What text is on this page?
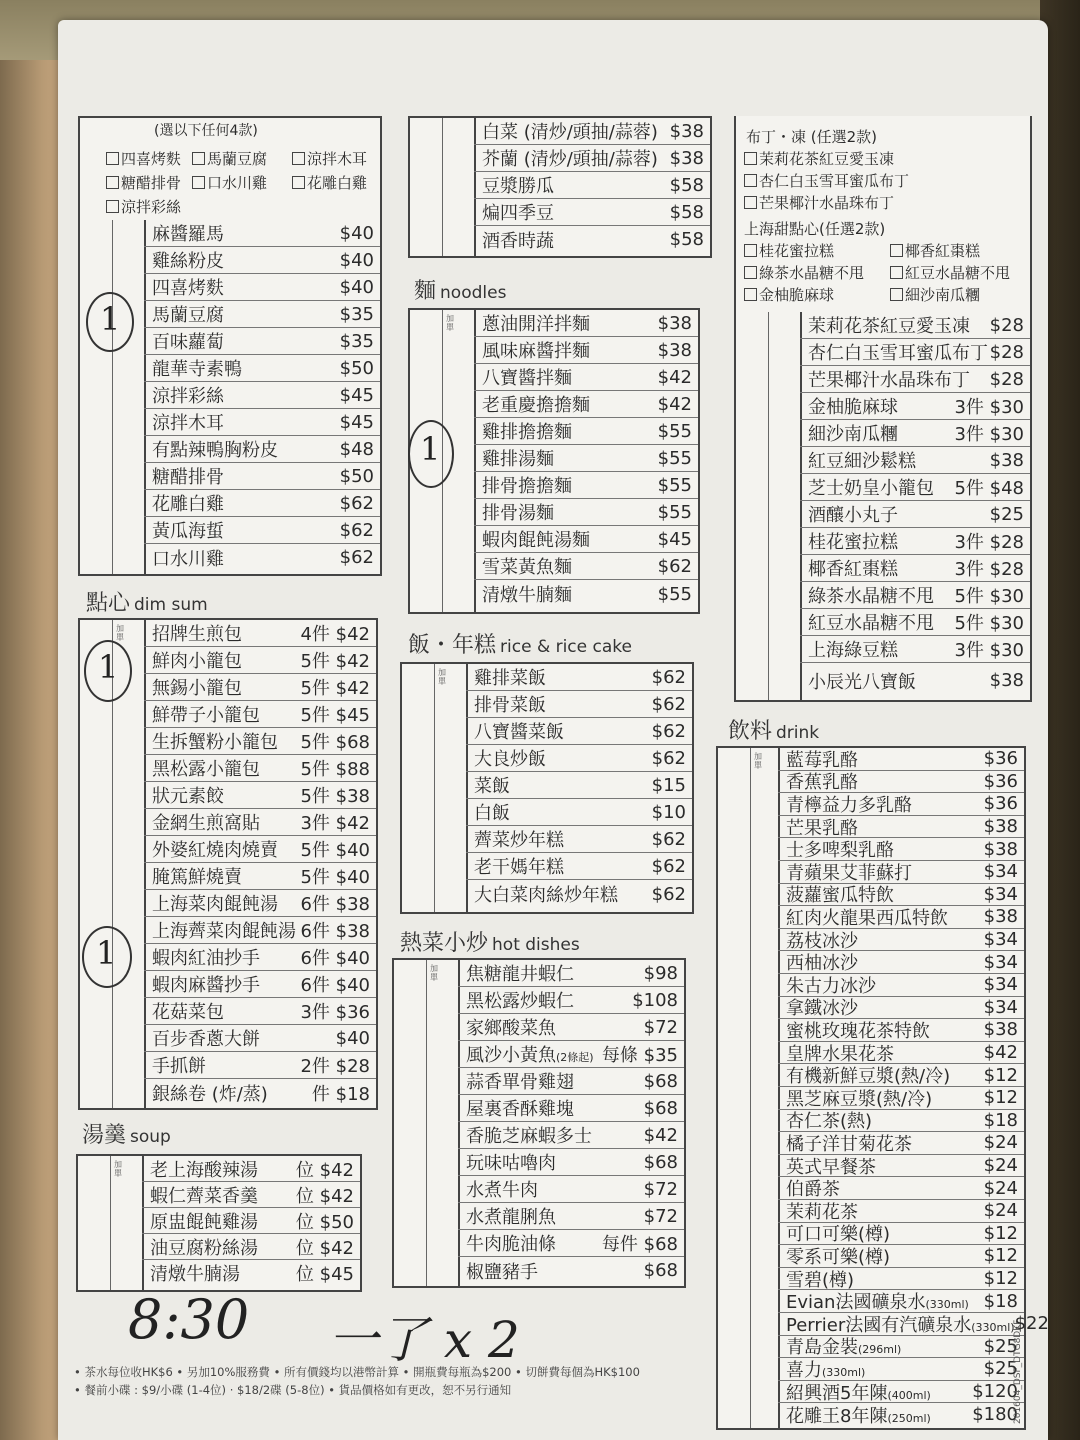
(選以下任何4款)
四喜烤麩	馬蘭豆腐	涼拌木耳
糖醋排骨	口水川雞	花雕白雞
涼拌彩絲
麻醬羅馬	$40
雞絲粉皮	$40
四喜烤麩	$40
馬蘭豆腐	$35
百味蘿蔔	$35
龍華寺素鴨	$50
涼拌彩絲	$45
涼拌木耳	$45
有點辣鴨胸粉皮	$48
糖醋排骨	$50
花雕白雞	$62
黃瓜海蜇	$62
口水川雞	$62
點心 dim sum
加單	招牌生煎包	4件 $42
鮮肉小籠包	5件 $42
無錫小籠包	5件 $42
鮮帶子小籠包	5件 $45
生拆蟹粉小籠包	5件 $68
黑松露小籠包	5件 $88
狀元素餃	5件 $38
金網生煎窩貼	3件 $42
外婆紅燒肉燒賣	5件 $40
腌篤鮮燒賣	5件 $40
上海菜肉餛飩湯	6件 $38
上海薺菜肉餛飩湯 6件 $38
蝦肉紅油抄手	6件 $40
蝦肉麻醬抄手	6件 $40
花菇菜包	3件 $36
百步香蔥大餅	$40
手抓餅	2件 $28
銀絲卷 (炸/蒸)	件 $18
湯羹 soup
加單	老上海酸辣湯	位 $42
蝦仁薺菜香羹	位 $42
原盅餛飩雞湯	位 $50
油豆腐粉絲湯	位 $42
清燉牛腩湯	位 $45
白菜 (清炒/頭抽/蒜蓉) $38
芥蘭 (清炒/頭抽/蒜蓉) $38
豆漿勝瓜	$58
煸四季豆	$58
酒香時蔬	$58
麵 noodles
加單	蔥油開洋拌麵	$38
風味麻醬拌麵	$38
八寶醬拌麵	$42
老重慶擔擔麵	$42
雞排擔擔麵	$55
雞排湯麵	$55
排骨擔擔麵	$55
排骨湯麵	$55
蝦肉餛飩湯麵	$45
雪菜黃魚麵	$62
清燉牛腩麵	$55
飯・年糕 rice & rice cake
加單	雞排菜飯	$62
排骨菜飯	$62
八寶醬菜飯	$62
大良炒飯	$62
菜飯	$15
白飯	$10
薺菜炒年糕	$62
老干媽年糕	$62
大白菜肉絲炒年糕	$62
熱菜小炒 hot dishes
加單	焦糖龍井蝦仁	$98
黑松露炒蝦仁	$108
家鄉酸菜魚	$72
風沙小黃魚(2條起) 每條 $35
蒜香單骨雞翅	$68
屋裏香酥雞塊	$68
香脆芝麻蝦多士	$42
玩味咕嚕肉	$68
水煮牛肉	$72
水煮龍脷魚	$72
牛肉脆油條	每件 $68
椒鹽豬手	$68
布丁・凍 (任選2款)
茉莉花茶紅豆愛玉凍
杏仁白玉雪耳蜜瓜布丁
芒果椰汁水晶珠布丁
上海甜點心(任選2款)
桂花蜜拉糕	椰香紅棗糕
綠茶水晶糖不甩	紅豆水晶糖不甩
金柚脆麻球	細沙南瓜糰
茉莉花茶紅豆愛玉凍	$28
杏仁白玉雪耳蜜瓜布丁 $28
芒果椰汁水晶珠布丁	$28
金柚脆麻球	3件 $30
細沙南瓜糰	3件 $30
紅豆細沙鬆糕	$38
芝士奶皇小籠包	5件 $48
酒釀小丸子	$25
桂花蜜拉糕	3件 $28
椰香紅棗糕	3件 $28
綠茶水晶糖不甩	5件 $30
紅豆水晶糖不甩	5件 $30
上海綠豆糕	3件 $30
小辰光八寶飯	$38
飲料 drink
加單	藍莓乳酪	$36
香蕉乳酪	$36
青檸益力多乳酪	$36
芒果乳酪	$38
士多啤梨乳酪	$38
青蘋果艾菲蘇打	$34
菠蘿蜜瓜特飲	$34
紅肉火龍果西瓜特飲	$38
荔枝冰沙	$34
西柚冰沙	$34
朱古力冰沙	$34
拿鐵冰沙	$34
蜜桃玫瑰花茶特飲	$38
皇牌水果花茶	$42
有機新鮮豆漿(熱/冷)	$12
黑芝麻豆漿(熱/冷)	$12
杏仁茶(熱)	$18
橘子洋甘菊花茶	$24
英式早餐茶	$24
伯爵茶	$24
茉莉花茶	$24
可口可樂(樽)	$12
零系可樂(樽)	$12
雪碧(樽)	$12
Evian法國礦泉水(330ml) $18
Perrier法國有汽礦泉水(330ml) $22
青島金裝(296ml)	$25
喜力(330ml)	$25
紹興酒5年陳(400ml)	$120
花雕王8年陳(250ml)	$180
201604_DSF_DTG8DKF
• 茶水每位收HK$6 • 另加10%服務費 • 所有價錢均以港幣計算 • 開瓶費每瓶為$200 • 切餅費每個為HK$100
• 餐前小碟 : $9/小碟 (1-4位) · $18/2碟 (5-8位) • 貨品價格如有更改，恕不另行通知
1
1
1
1
8:30 一了 x 2
